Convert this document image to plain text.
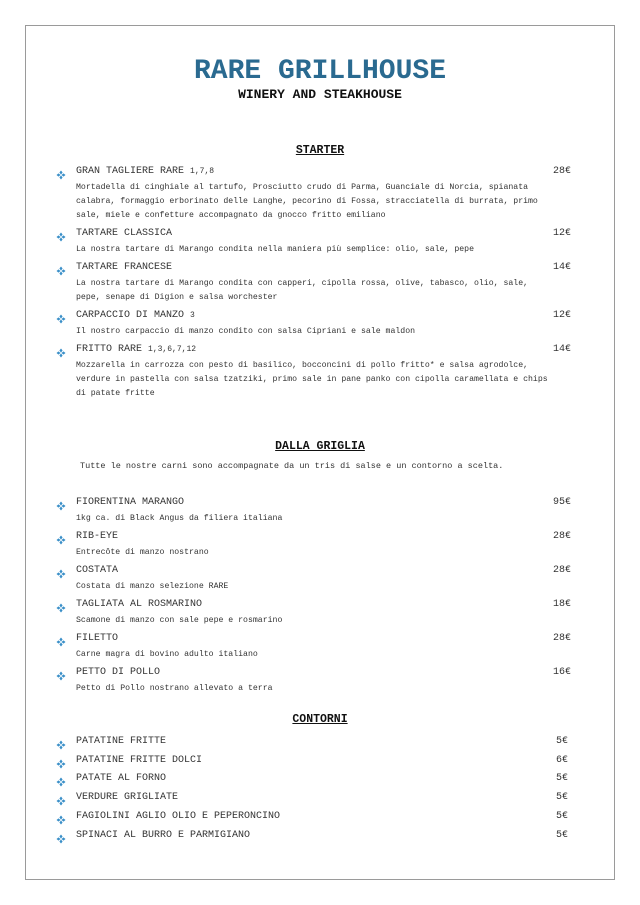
RARE GRILLHOUSE
WINERY AND STEAKHOUSE
STARTER
GRAN TAGLIERE RARE 1,7,8	28€
Mortadella di cinghiale al tartufo, Prosciutto crudo di Parma, Guanciale di Norcia, spianata calabra, formaggio erborinato delle Langhe, pecorino di Fossa, stracciatella di burrata, primo sale, miele e confetture accompagnato da gnocco fritto emiliano
TARTARE CLASSICA	12€
La nostra tartare di Marango condita nella maniera più semplice: olio, sale, pepe
TARTARE FRANCESE	14€
La nostra tartare di Marango condita con capperi, cipolla rossa, olive, tabasco, olio, sale, pepe, senape di Digion e salsa worchester
CARPACCIO DI MANZO 3	12€
Il nostro carpaccio di manzo condito con salsa Cipriani e sale maldon
FRITTO RARE 1,3,6,7,12	14€
Mozzarella in carrozza con pesto di basilico, bocconcini di pollo fritto* e salsa agrodolce, verdure in pastella con salsa tzatziki, primo sale in pane panko con cipolla caramellata e chips di patate fritte
DALLA GRIGLIA
Tutte le nostre carni sono accompagnate da un tris di salse e un contorno a scelta.
FIORENTINA MARANGO	95€
1kg ca. di Black Angus da filiera italiana
RIB-EYE	28€
Entrecôte di manzo nostrano
COSTATA	28€
Costata di manzo selezione RARE
TAGLIATA AL ROSMARINO	18€
Scamone di manzo con sale pepe e rosmarino
FILETTO	28€
Carne magra di bovino adulto italiano
PETTO DI POLLO	16€
Petto di Pollo nostrano allevato a terra
CONTORNI
PATATINE FRITTE	5€
PATATINE FRITTE DOLCI	6€
PATATE AL FORNO	5€
VERDURE GRIGLIATE	5€
FAGIOLINI AGLIO OLIO E PEPERONCINO	5€
SPINACI AL BURRO E PARMIGIANO	5€
